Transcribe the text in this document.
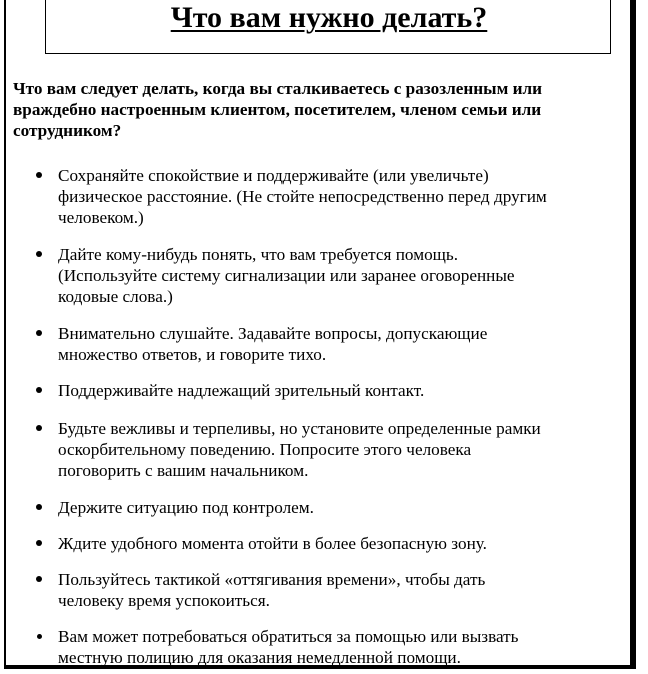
Что вам нужно делать?

Что вам следует делать, когда вы сталкиваетесь с разозленным или враждебно настроенным клиентом, посетителем, членом семьи или сотрудником?

Сохраняйте спокойствие и поддерживайте (или увеличьте)
физическое расстояние. (Не стойте непосредственно перед другим
человеком.)
Дайте кому-нибудь понять, что вам требуется помощь.
(Используйте систему сигнализации или заранее оговоренные
кодовые слова.)
Внимательно слушайте. Задавайте вопросы, допускающие
множество ответов, и говорите тихо.
Поддерживайте надлежащий зрительный контакт.
Будьте вежливы и терпеливы, но установите определенные рамки
оскорбительному поведению. Попросите этого человека
поговорить с вашим начальником.
Держите ситуацию под контролем.
Ждите удобного момента отойти в более безопасную зону.
Пользуйтесь тактикой «оттягивания времени», чтобы дать
человеку время успокоиться.
Вам может потребоваться обратиться за помощью или вызвать
местную полицию для оказания немедленной помощи.
